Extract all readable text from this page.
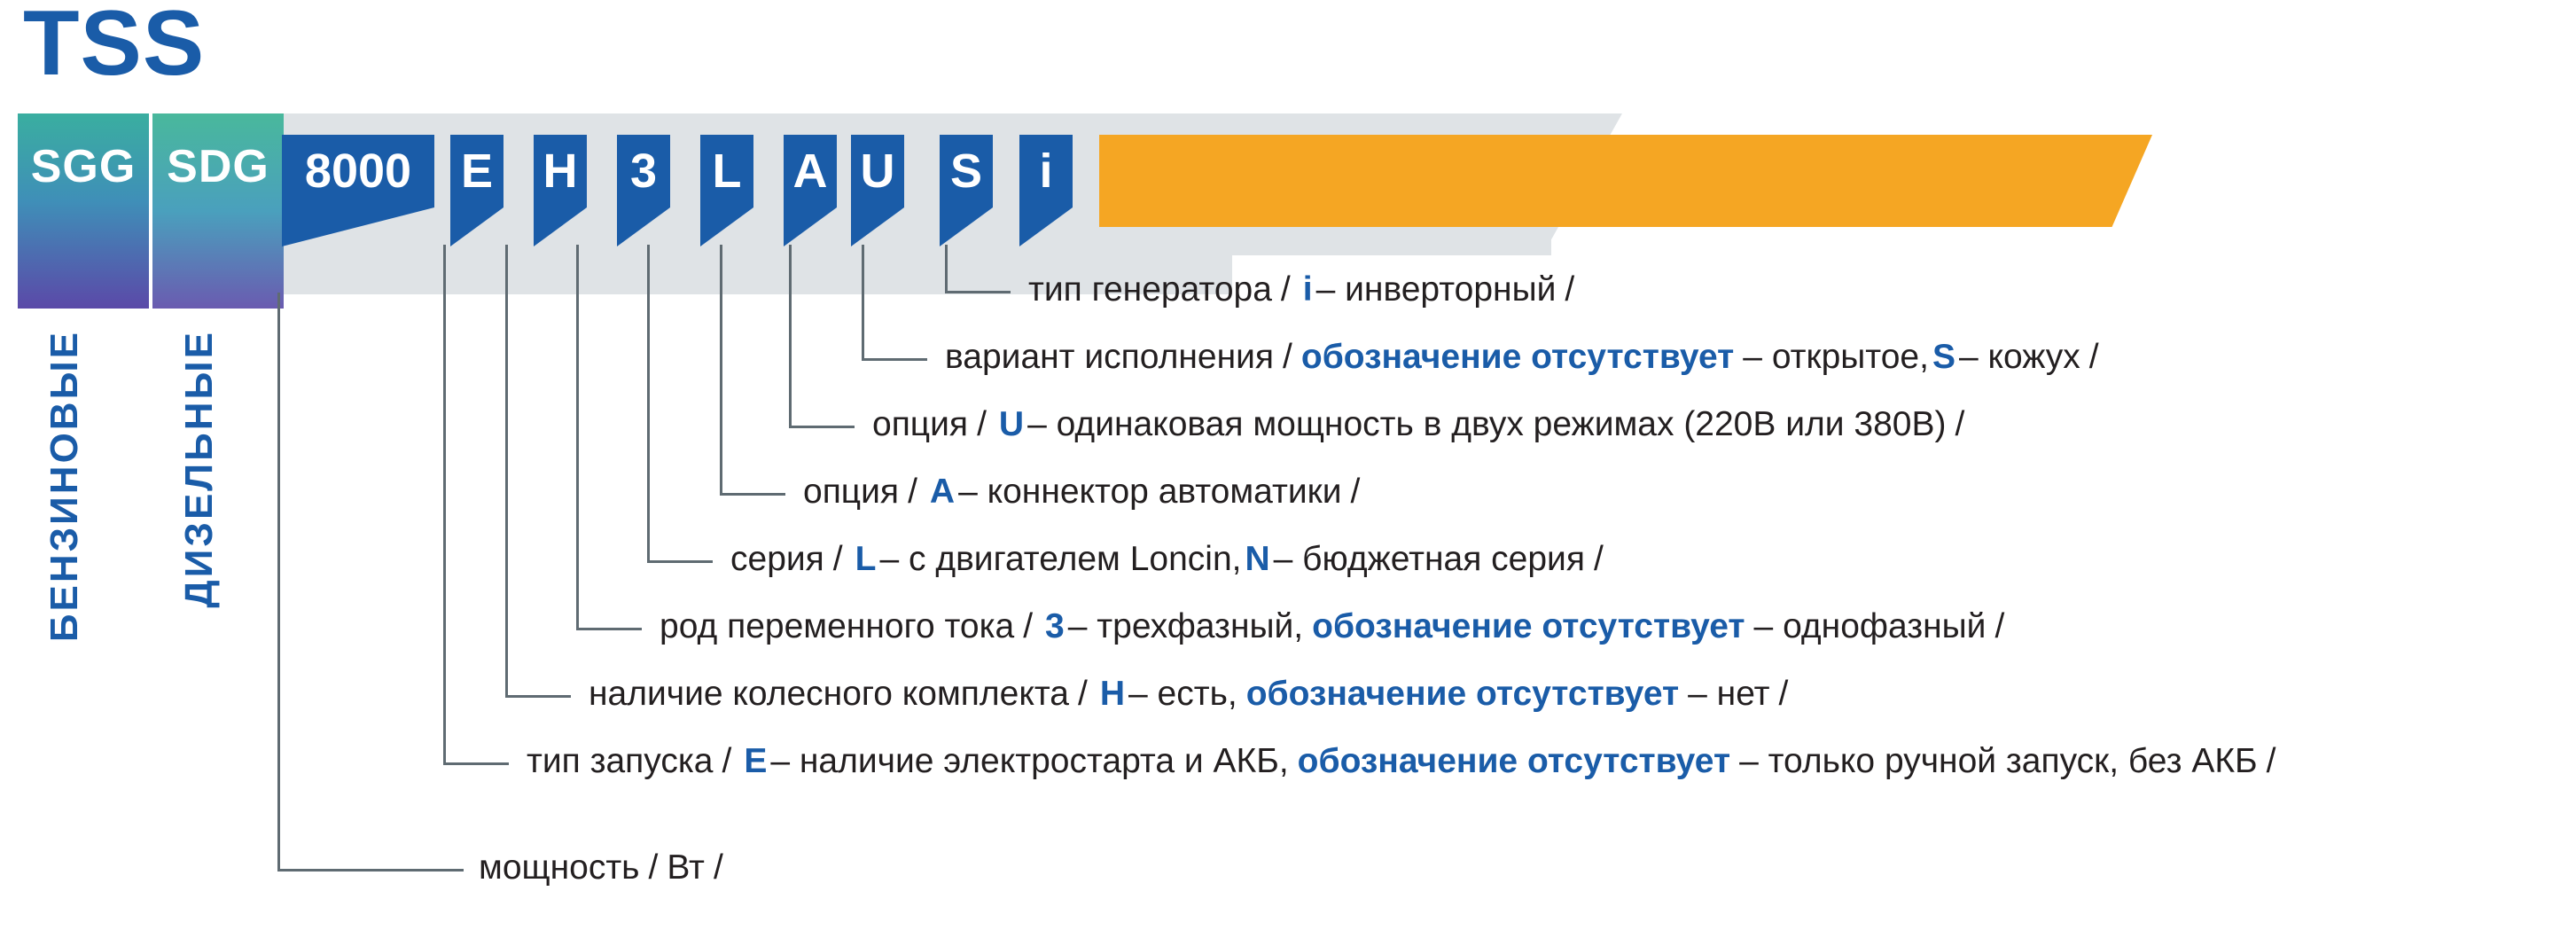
TSS
SGG SDG
БЕНЗИНОВЫЕ ДИЗЕЛЬНЫЕ
8000	E H 3 L A U S	i
тип генератора / i – инверторный /
вариант исполнения / обозначение отсутствует – открытое, S – кожух /
опция / U – одинаковая мощность в двух режимах (220В или 380В) /
опция / A – коннектор автоматики /
серия / L – с двигателем Loncin, N – бюджетная серия /
род переменного тока / 3 – трехфазный, обозначение отсутствует – однофазный /
наличие колесного комплекта / H – есть, обозначение отсутствует – нет /
тип запуска / E – наличие электростарта и АКБ, обозначение отсутствует – только ручной запуск, без АКБ /
мощность / Вт /
